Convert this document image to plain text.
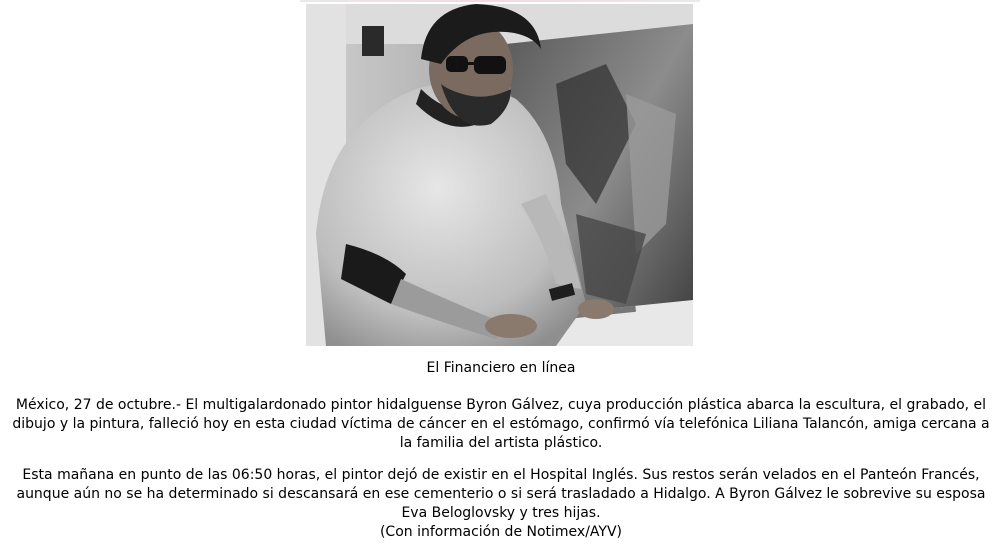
El Financiero en línea

México, 27 de octubre.- El multigalardonado pintor hidalguense Byron Gálvez, cuya producción plástica abarca la escultura, el grabado, el dibujo y la pintura, falleció hoy en esta ciudad víctima de cáncer en el estómago, confirmó vía telefónica Liliana Talancón, amiga cercana a la familia del artista plástico.

Esta mañana en punto de las 06:50 horas, el pintor dejó de existir en el Hospital Inglés. Sus restos serán velados en el Panteón Francés, aunque aún no se ha determinado si descansará en ese cementerio o si será trasladado a Hidalgo. A Byron Gálvez le sobrevive su esposa Eva Beloglovsky y tres hijas.
(Con información de Notimex/AYV)
